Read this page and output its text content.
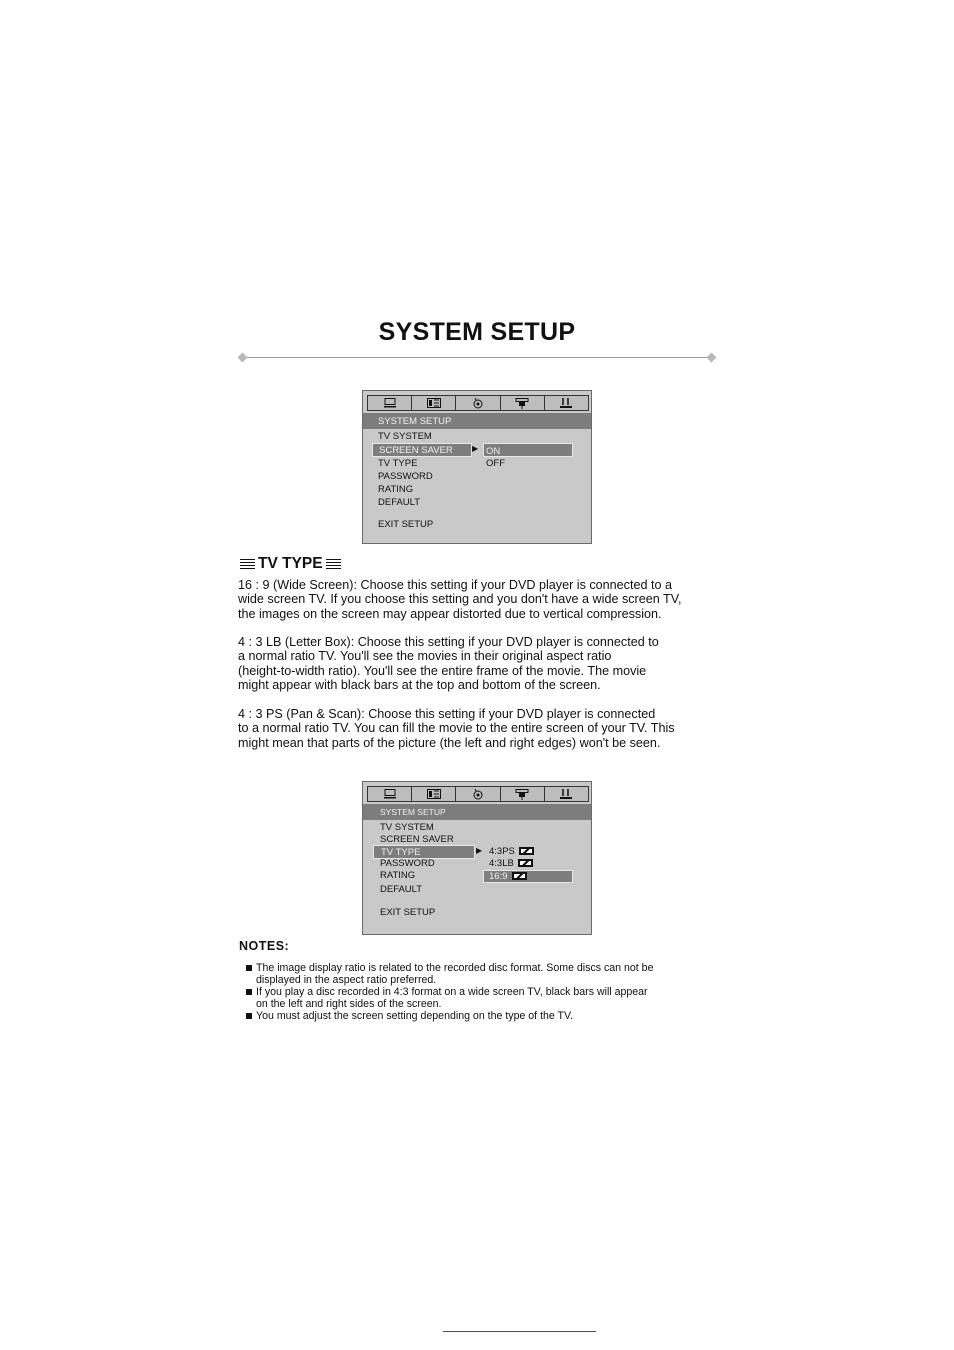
SYSTEM SETUP
SYSTEM SETUP
TV SYSTEM
SCREEN SAVER ▶ ON
OFF
TV TYPE
PASSWORD
RATING
DEFAULT
EXIT SETUP
TV TYPE

16 : 9 (Wide Screen): Choose this setting if your DVD player is connected to a

wide screen TV. If you choose this setting and you don't have a wide screen TV,

the images on the screen may appear distorted due to vertical compression.

4 : 3 LB (Letter Box): Choose this setting if your DVD player is connected to

a normal ratio TV. You'll see the movies in their original aspect ratio

(height-to-width ratio). You'll see the entire frame of the movie. The movie

might appear with black bars at the top and bottom of the screen.

4 : 3 PS (Pan & Scan): Choose this setting if your DVD player is connected

to a normal ratio TV. You can fill the movie to the entire screen of your TV. This

might mean that parts of the picture (the left and right edges) won't be seen.

SYSTEM SETUP
TV SYSTEM
SCREEN SAVER
TV TYPE	▶ 4:3PS
4:3LB
16:9
PASSWORD
RATING
DEFAULT
EXIT SETUP
NOTES:
The image display ratio is related to the recorded disc format. Some discs can not be
displayed in the aspect ratio preferred.
If you play a disc recorded in 4:3 format on a wide screen TV, black bars will appear
on the left and right sides of the screen.
You must adjust the screen setting depending on the type of the TV.
